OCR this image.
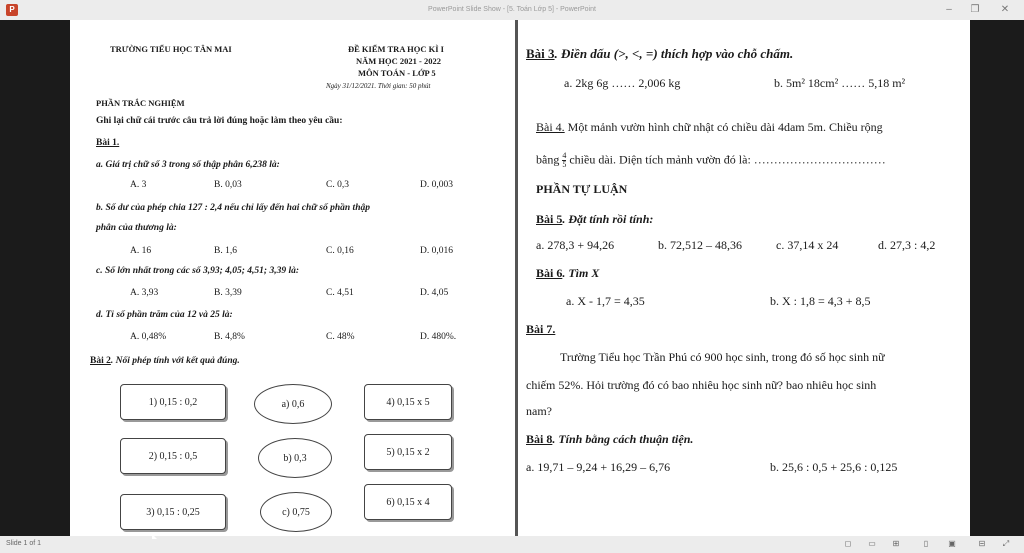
P	PowerPoint Slide Show - [5. Toán Lớp 5] - PowerPoint	–	❐	✕
TRƯỜNG TIỂU HỌC TÂN MAI	ĐỀ KIỂM TRA HỌC KÌ I
NĂM HỌC 2021 - 2022
MÔN TOÁN - LỚP 5
Ngày 31/12/2021. Thời gian: 50 phút
PHẦN TRẮC NGHIỆM
Ghi lại chữ cái trước câu trả lời đúng hoặc làm theo yêu cầu:
Bài 1.
a. Giá trị chữ số 3 trong số thập phân 6,238 là:
A. 3	B. 0,03	C. 0,3	D. 0,003
b. Số dư của phép chia 127 : 2,4 nếu chỉ lấy đến hai chữ số phần thập
phân của thương là:
A. 16	B. 1,6	C. 0,16	D. 0,016
c. Số lớn nhất trong các số 3,93; 4,05; 4,51; 3,39 là:
A. 3,93	B. 3,39	C. 4,51	D. 4,05
d. Tỉ số phần trăm của 12 và 25 là:
A. 0,48%	B. 4,8%	C. 48%	D. 480%.
Bài 2. Nối phép tính với kết quả đúng.
1) 0,15 : 0,2
2) 0,15 : 0,5
3) 0,15 : 0,25
a) 0,6
b) 0,3
c) 0,75
4) 0,15 x 5
5) 0,15 x 2
6) 0,15 x 4
Bài 3. Điền dấu (>, <, =) thích hợp vào chỗ chấm.
a. 2kg 6g …… 2,006 kg	b. 5m² 18cm² …… 5,18 m²
Bài 4. Một mảnh vườn hình chữ nhật có chiều dài 4dam 5m. Chiều rộng
bằng $\frac{4}{5}$ chiều dài. Diện tích mảnh vườn đó là: ……………………………
PHẦN TỰ LUẬN
Bài 5. Đặt tính rồi tính:
a. 278,3 + 94,26	b. 72,512 – 48,36	c. 37,14 x 24	d. 27,3 : 4,2
Bài 6. Tìm X
a. X - 1,7 = 4,35	b. X : 1,8 = 4,3 + 8,5
Bài 7.
Trường Tiểu học Trần Phú có 900 học sinh, trong đó số học sinh nữ
chiếm 52%. Hỏi trường đó có bao nhiêu học sinh nữ? bao nhiêu học sinh
nam?
Bài 8. Tính bằng cách thuận tiện.
a. 19,71 – 9,24 + 16,29 – 6,76	b. 25,6 : 0,5 + 25,6 : 0,125
Slide 1 of 1	◻	▭	⊞	▯	▣	⊟	⤢
